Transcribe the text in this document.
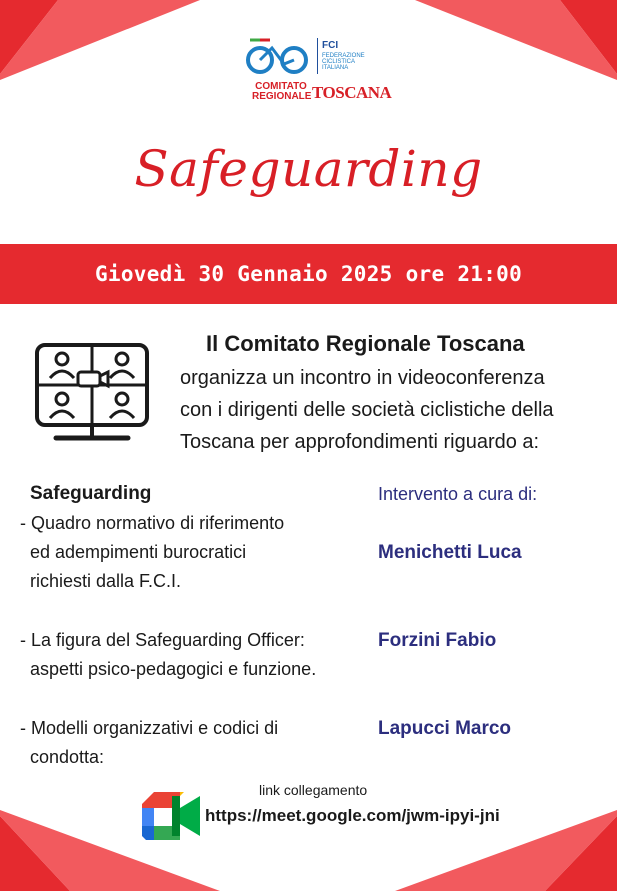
FCI
FEDERAZIONE
CICLISTICA
ITALIANA
COMITATO
REGIONALE TOSCANA
Safeguarding
Giovedì 30 Gennaio 2025 ore 21:00
Il Comitato Regionale Toscana
organizza un incontro in videoconferenza
con i dirigenti delle società ciclistiche della
Toscana per approfondimenti riguardo a:
Safeguarding
- Quadro normativo di riferimento
ed adempimenti burocratici
richiesti dalla F.C.I.
- La figura del Safeguarding Officer:
aspetti psico-pedagogici e funzione.
- Modelli organizzativi e codici di
condotta:
Intervento a cura di:
Menichetti Luca
Forzini Fabio
Lapucci Marco
link collegamento
https://meet.google.com/jwm-ipyi-jni
